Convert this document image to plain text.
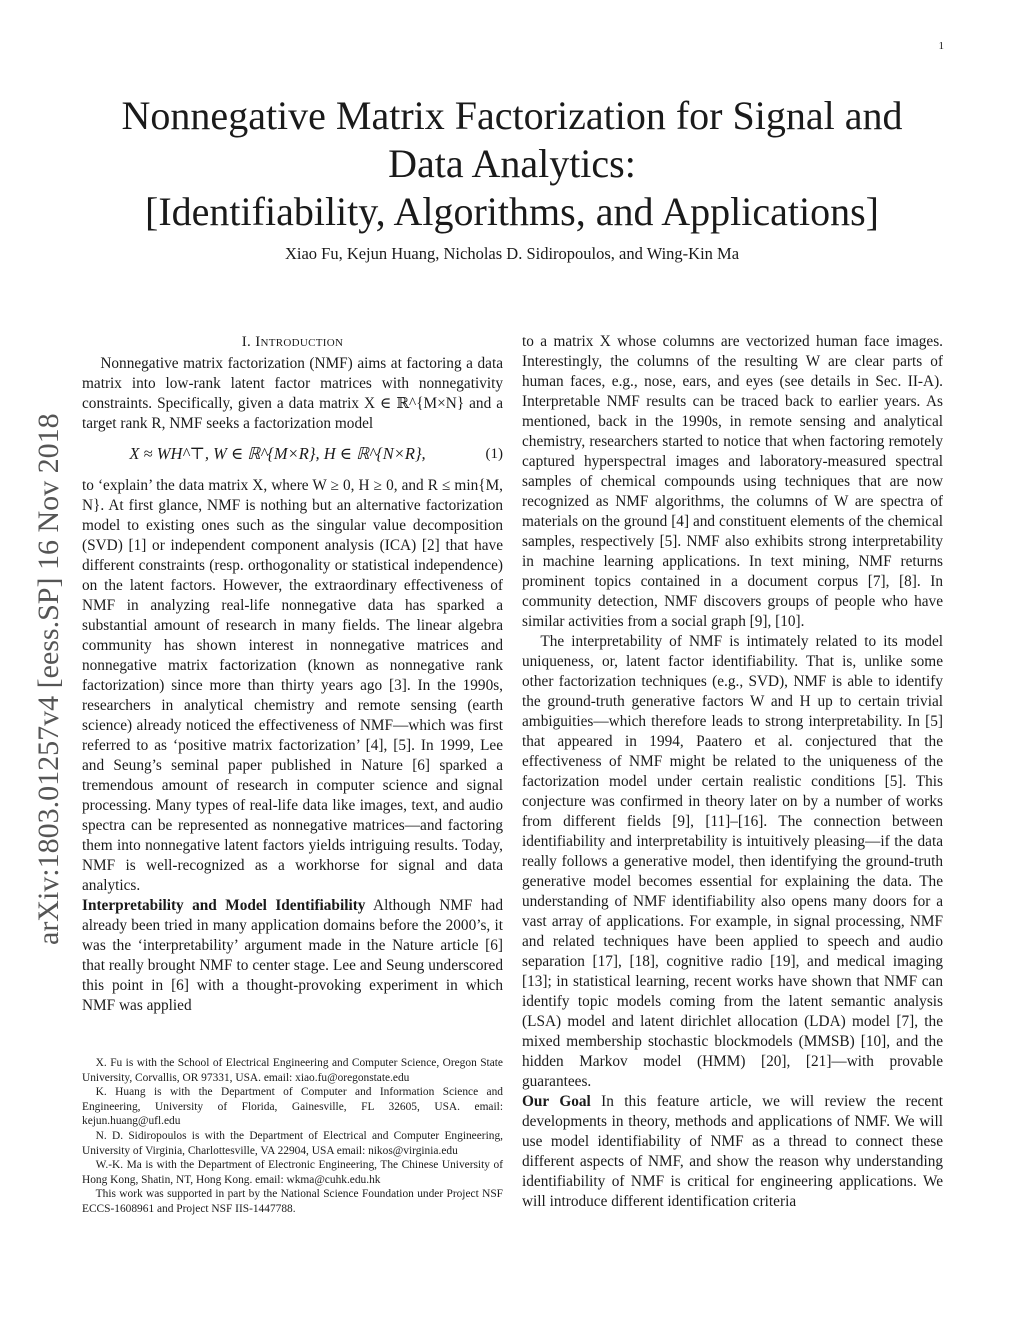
1
arXiv:1803.01257v4 [eess.SP] 16 Nov 2018
Nonnegative Matrix Factorization for Signal and
Data Analytics:
[Identifiability, Algorithms, and Applications]
Xiao Fu, Kejun Huang, Nicholas D. Sidiropoulos, and Wing-Kin Ma
I. Introduction

Nonnegative matrix factorization (NMF) aims at factoring a data matrix into low-rank latent factor matrices with nonnegativity constraints. Specifically, given a data matrix X ∈ ℝ^{M×N} and a target rank R, NMF seeks a factorization model

X ≈ WH^⊤, W ∈ ℝ^{M×R}, H ∈ ℝ^{N×R},	(1)

to ‘explain’ the data matrix X, where W ≥ 0, H ≥ 0, and R ≤ min{M, N}. At first glance, NMF is nothing but an alternative factorization model to existing ones such as the singular value decomposition (SVD) [1] or independent component analysis (ICA) [2] that have different constraints (resp. orthogonality or statistical independence) on the latent factors. However, the extraordinary effectiveness of NMF in analyzing real-life nonnegative data has sparked a substantial amount of research in many fields. The linear algebra community has shown interest in nonnegative matrices and nonnegative matrix factorization (known as nonnegative rank factorization) since more than thirty years ago [3]. In the 1990s, researchers in analytical chemistry and remote sensing (earth science) already noticed the effectiveness of NMF—which was first referred to as ‘positive matrix factorization’ [4], [5]. In 1999, Lee and Seung’s seminal paper published in Nature [6] sparked a tremendous amount of research in computer science and signal processing. Many types of real-life data like images, text, and audio spectra can be represented as nonnegative matrices—and factoring them into nonnegative latent factors yields intriguing results. Today, NMF is well-recognized as a workhorse for signal and data analytics.

Interpretability and Model Identifiability Although NMF had already been tried in many application domains before the 2000’s, it was the ‘interpretability’ argument made in the Nature article [6] that really brought NMF to center stage. Lee and Seung underscored this point in [6] with a thought-provoking experiment in which NMF was applied

X. Fu is with the School of Electrical Engineering and Computer Science, Oregon State University, Corvallis, OR 97331, USA. email: xiao.fu@oregonstate.edu

K. Huang is with the Department of Computer and Information Science and Engineering, University of Florida, Gainesville, FL 32605, USA. email: kejun.huang@ufl.edu

N. D. Sidiropoulos is with the Department of Electrical and Computer Engineering, University of Virginia, Charlottesville, VA 22904, USA email: nikos@virginia.edu

W.-K. Ma is with the Department of Electronic Engineering, The Chinese University of Hong Kong, Shatin, NT, Hong Kong. email: wkma@cuhk.edu.hk

This work was supported in part by the National Science Foundation under Project NSF ECCS-1608961 and Project NSF IIS-1447788.

to a matrix X whose columns are vectorized human face images. Interestingly, the columns of the resulting W are clear parts of human faces, e.g., nose, ears, and eyes (see details in Sec. II-A). Interpretable NMF results can be traced back to earlier years. As mentioned, back in the 1990s, in remote sensing and analytical chemistry, researchers started to notice that when factoring remotely captured hyperspectral images and laboratory-measured spectral samples of chemical compounds using techniques that are now recognized as NMF algorithms, the columns of W are spectra of materials on the ground [4] and constituent elements of the chemical samples, respectively [5]. NMF also exhibits strong interpretability in machine learning applications. In text mining, NMF returns prominent topics contained in a document corpus [7], [8]. In community detection, NMF discovers groups of people who have similar activities from a social graph [9], [10].

The interpretability of NMF is intimately related to its model uniqueness, or, latent factor identifiability. That is, unlike some other factorization techniques (e.g., SVD), NMF is able to identify the ground-truth generative factors W and H up to certain trivial ambiguities—which therefore leads to strong interpretability. In [5] that appeared in 1994, Paatero et al. conjectured that the effectiveness of NMF might be related to the uniqueness of the factorization model under certain realistic conditions [5]. This conjecture was confirmed in theory later on by a number of works from different fields [9], [11]–[16]. The connection between identifiability and interpretability is intuitively pleasing—if the data really follows a generative model, then identifying the ground-truth generative model becomes essential for explaining the data. The understanding of NMF identifiability also opens many doors for a vast array of applications. For example, in signal processing, NMF and related techniques have been applied to speech and audio separation [17], [18], cognitive radio [19], and medical imaging [13]; in statistical learning, recent works have shown that NMF can identify topic models coming from the latent semantic analysis (LSA) model and latent dirichlet allocation (LDA) model [7], the mixed membership stochastic blockmodels (MMSB) [10], and the hidden Markov model (HMM) [20], [21]—with provable guarantees.

Our Goal In this feature article, we will review the recent developments in theory, methods and applications of NMF. We will use model identifiability of NMF as a thread to connect these different aspects of NMF, and show the reason why understanding identifiability of NMF is critical for engineering applications. We will introduce different identification criteria
